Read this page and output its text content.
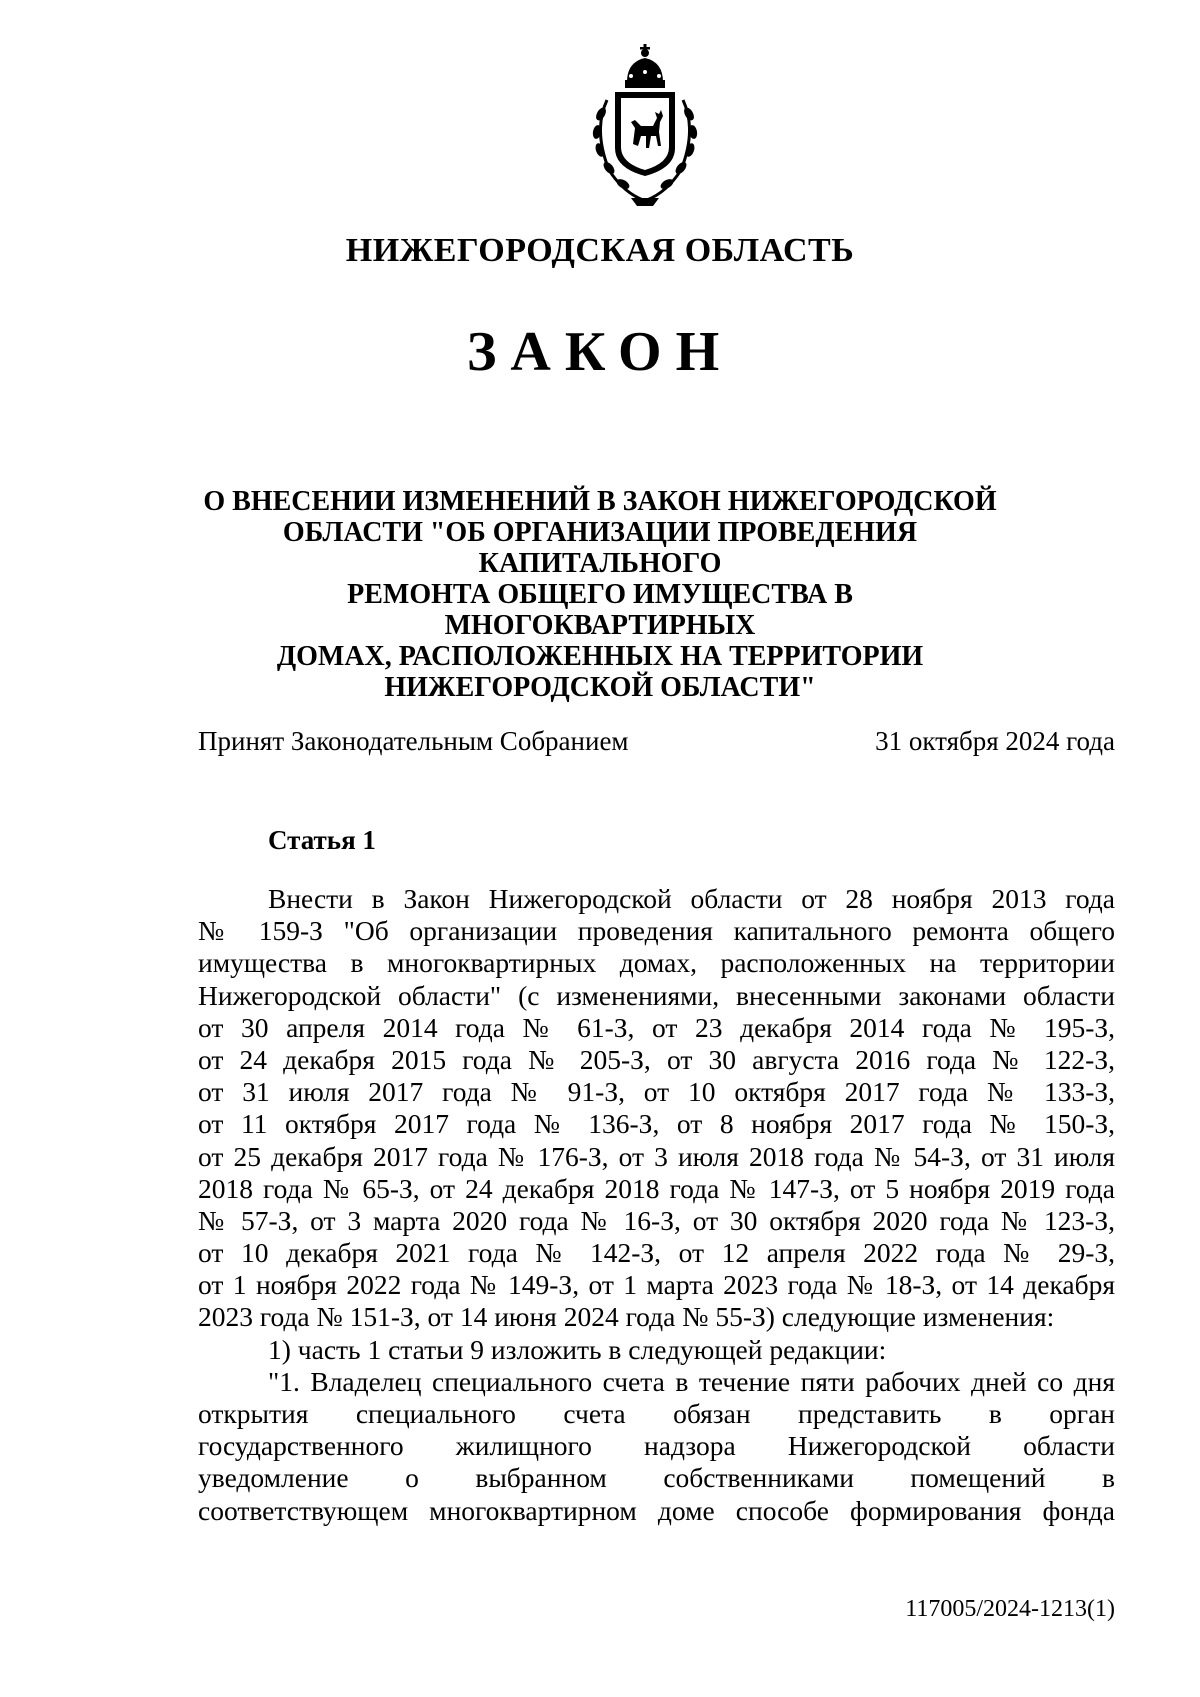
НИЖЕГОРОДСКАЯ ОБЛАСТЬ
ЗАКОН
О ВНЕСЕНИИ ИЗМЕНЕНИЙ В ЗАКОН НИЖЕГОРОДСКОЙ
ОБЛАСТИ "ОБ ОРГАНИЗАЦИИ ПРОВЕДЕНИЯ КАПИТАЛЬНОГО
РЕМОНТА ОБЩЕГО ИМУЩЕСТВА В МНОГОКВАРТИРНЫХ
ДОМАХ, РАСПОЛОЖЕННЫХ НА ТЕРРИТОРИИ
НИЖЕГОРОДСКОЙ ОБЛАСТИ"
Принят Законодательным Собранием	31 октября 2024 года
Статья 1
Внести в Закон Нижегородской области от 28 ноября 2013 года
№ 159-З "Об организации проведения капитального ремонта общего
имущества в многоквартирных домах, расположенных на территории
Нижегородской области" (с изменениями, внесенными законами области
от 30 апреля 2014 года № 61-З, от 23 декабря 2014 года № 195-З,
от 24 декабря 2015 года № 205-З, от 30 августа 2016 года № 122-З,
от 31 июля 2017 года № 91-З, от 10 октября 2017 года № 133-З,
от 11 октября 2017 года № 136-З, от 8 ноября 2017 года № 150-З,
от 25 декабря 2017 года № 176-З, от 3 июля 2018 года № 54-З, от 31 июля
2018 года № 65-З, от 24 декабря 2018 года № 147-З, от 5 ноября 2019 года
№ 57-З, от 3 марта 2020 года № 16-З, от 30 октября 2020 года № 123-З,
от 10 декабря 2021 года № 142-З, от 12 апреля 2022 года № 29-З,
от 1 ноября 2022 года № 149-З, от 1 марта 2023 года № 18-З, от 14 декабря
2023 года № 151-З, от 14 июня 2024 года № 55-З) следующие изменения:
1) часть 1 статьи 9 изложить в следующей редакции:
"1. Владелец специального счета в течение пяти рабочих дней со дня
открытия специального счета обязан представить в орган
государственного жилищного надзора Нижегородской области
уведомление о выбранном собственниками помещений в
соответствующем многоквартирном доме способе формирования фонда
117005/2024-1213(1)
